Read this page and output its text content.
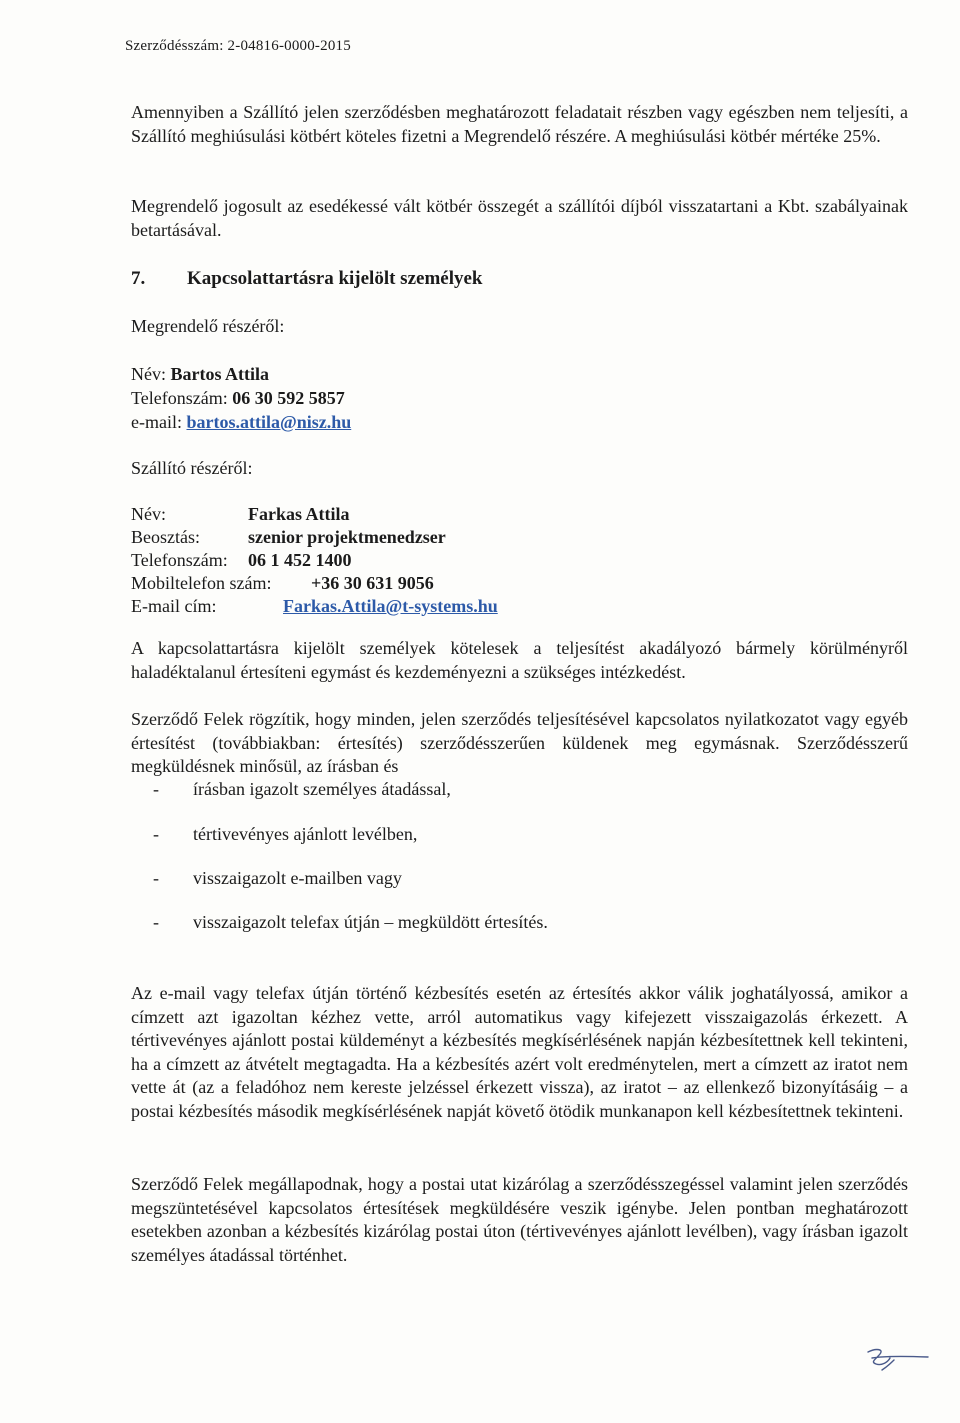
Szerződésszám: 2-04816-0000-2015
Amennyiben a Szállító jelen szerződésben meghatározott feladatait részben vagy egészben nem teljesíti, a Szállító meghiúsulási kötbért köteles fizetni a Megrendelő részére. A meghiúsulási kötbér mértéke 25%.
Megrendelő jogosult az esedékessé vált kötbér összegét a szállítói díjból visszatartani a Kbt. szabályainak betartásával.
7. Kapcsolattartásra kijelölt személyek
Megrendelő részéről:
Név: Bartos Attila
Telefonszám: 06 30 592 5857
e-mail: bartos.attila@nisz.hu
Szállító részéről:
Név:	Farkas Attila
Beosztás:	szenior projektmenedzser
Telefonszám: 06 1 452 1400
Mobiltelefon szám: +36 30 631 9056
E-mail cím:	Farkas.Attila@t-systems.hu
A kapcsolattartásra kijelölt személyek kötelesek a teljesítést akadályozó bármely körülményről haladéktalanul értesíteni egymást és kezdeményezni a szükséges intézkedést.
Szerződő Felek rögzítik, hogy minden, jelen szerződés teljesítésével kapcsolatos nyilatkozatot vagy egyéb értesítést (továbbiakban: értesítés) szerződésszerűen küldenek meg egymásnak. Szerződésszerű megküldésnek minősül, az írásban és
- írásban igazolt személyes átadással,
- tértivevényes ajánlott levélben,
- visszaigazolt e-mailben vagy
- visszaigazolt telefax útján – megküldött értesítés.
Az e-mail vagy telefax útján történő kézbesítés esetén az értesítés akkor válik joghatályossá, amikor a címzett azt igazoltan kézhez vette, arról automatikus vagy kifejezett visszaigazolás érkezett. A tértivevényes ajánlott postai küldeményt a kézbesítés megkísérlésének napján kézbesítettnek kell tekinteni, ha a címzett az átvételt megtagadta. Ha a kézbesítés azért volt eredménytelen, mert a címzett az iratot nem vette át (az a feladóhoz nem kereste jelzéssel érkezett vissza), az iratot – az ellenkező bizonyításáig – a postai kézbesítés második megkísérlésének napját követő ötödik munkanapon kell kézbesítettnek tekinteni.
Szerződő Felek megállapodnak, hogy a postai utat kizárólag a szerződésszegéssel valamint jelen szerződés megszüntetésével kapcsolatos értesítések megküldésére veszik igénybe. Jelen pontban meghatározott esetekben azonban a kézbesítés kizárólag postai úton (tértivevényes ajánlott levélben), vagy írásban igazolt személyes átadással történhet.
